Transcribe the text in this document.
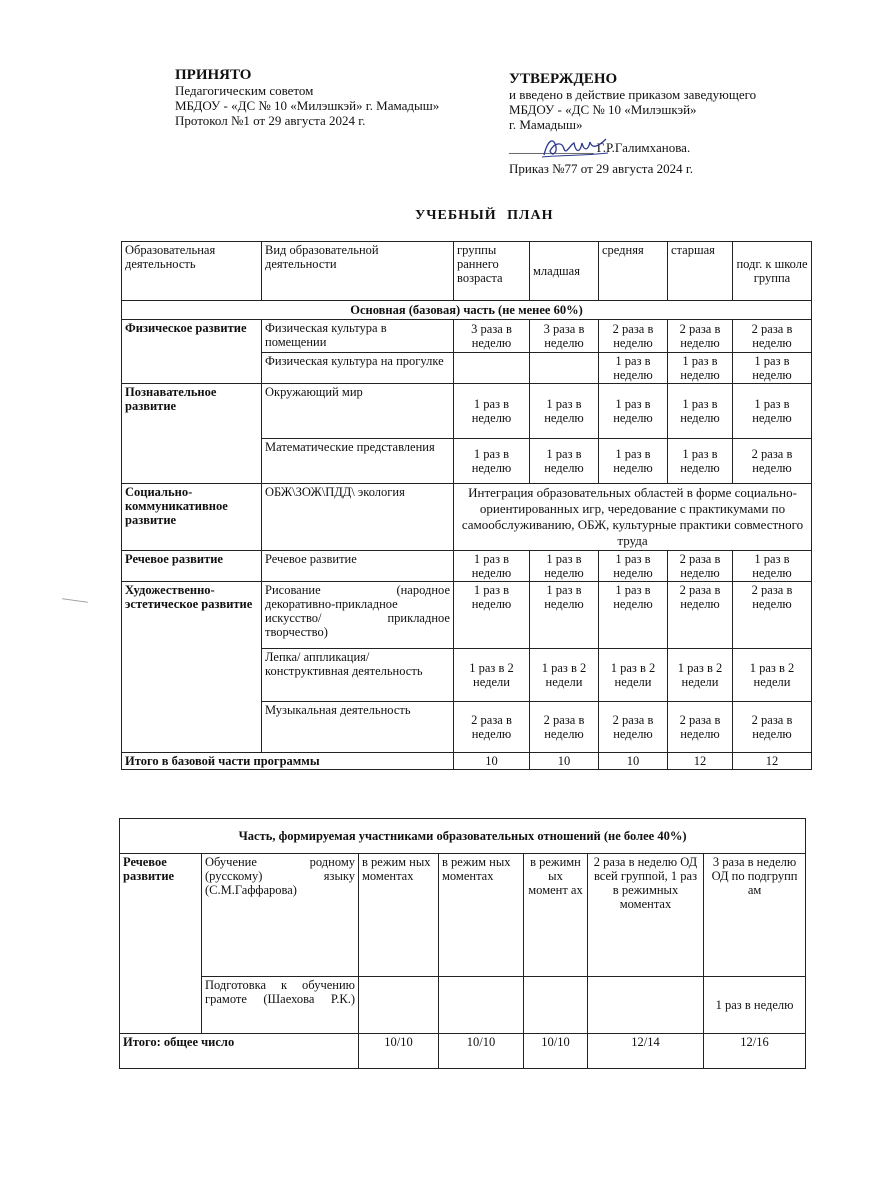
ПРИНЯТО
Педагогическим советом
МБДОУ - «ДС № 10 «Милэшкэй» г. Мамадыш»
Протокол №1 от 29 августа 2024 г.
УТВЕРЖДЕНО
и введено в действие приказом заведующего
МБДОУ - «ДС № 10 «Милэшкэй»
г. Мамадыш»
_____________ Г.Р.Галимханова.
Приказ №77 от 29 августа 2024 г.
УЧЕБНЫЙ ПЛАН
Образовательная деятельность	Вид образовательной деятельности	группы раннего возраста	младшая	средняя	старшая	подг. к школе группа
Основная (базовая) часть (не менее 60%)						
Физическое развитие	Физическая культура в помещении	3 раза в неделю	3 раза в неделю	2 раза в неделю	2 раза в неделю	2 раза в неделю
	Физическая культура на прогулке			1 раз в неделю	1 раз в неделю	1 раз в неделю
Познавательное развитие	Окружающий мир	1 раз в неделю	1 раз в неделю	1 раз в неделю	1 раз в неделю	1 раз в неделю
	Математические представления	1 раз в неделю	1 раз в неделю	1 раз в неделю	1 раз в неделю	2 раза в неделю
Социально-коммуникативное развитие	ОБЖ\ЗОЖ\ПДД\ экология	Интеграция образовательных областей в форме социально-ориентированных игр, чередование с практикумами по самообслуживанию, ОБЖ, культурные практики совместного труда				
Речевое развитие	Речевое развитие	1 раз в неделю	1 раз в неделю	1 раз в неделю	2 раза в неделю	1 раз в неделю
Художественно-эстетическое развитие	Рисование (народное декоративно-прикладное искусство/ прикладное творчество)	1 раз в неделю	1 раз в неделю	1 раз в неделю	2 раза в неделю	2 раза в неделю
	Лепка/ аппликация/конструктивная деятельность	1 раз в 2 недели	1 раз в 2 недели	1 раз в 2 недели	1 раз в 2 недели	1 раз в 2 недели
	Музыкальная деятельность	2 раза в неделю	2 раза в неделю	2 раза в неделю	2 раза в неделю	2 раза в неделю
Итого в базовой части программы		10	10	10	12	12
Часть, формируемая участниками образовательных отношений (не более 40%)						
Речевое развитие	Обучение родному (русскому) языку (С.М.Гаффарова)	в режим ных моментах	в режим ных моментах	в режимн ых момент ах	2 раза в неделю ОД всей группой, 1 раз в режимных моментах	3 раза в неделю ОД по подгрупп ам
	Подготовка к обучению грамоте (Шаехова Р.К.)					1 раз в неделю
Итого: общее число		10/10	10/10	10/10	12/14	12/16
